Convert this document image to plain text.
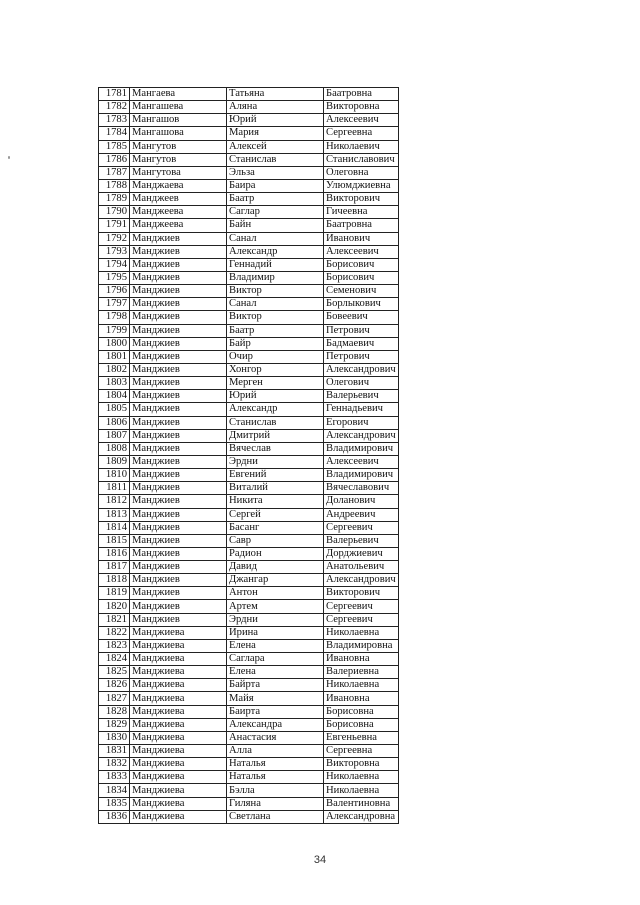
1781	Мангаева	Татьяна	Баатровна
1782	Мангашева	Аляна	Викторовна
1783	Мангашов	Юрий	Алексеевич
1784	Мангашова	Мария	Сергеевна
1785	Мангутов	Алексей	Николаевич
1786	Мангутов	Станислав	Станиславович
1787	Мангутова	Эльза	Олеговна
1788	Манджаева	Баира	Улюмджиевна
1789	Манджеев	Баатр	Викторович
1790	Манджеева	Саглар	Гичеевна
1791	Манджеева	Байн	Баатровна
1792	Манджиев	Санал	Иванович
1793	Манджиев	Александр	Алексеевич
1794	Манджиев	Геннадий	Борисович
1795	Манджиев	Владимир	Борисович
1796	Манджиев	Виктор	Семенович
1797	Манджиев	Санал	Борлыкович
1798	Манджиев	Виктор	Бовеевич
1799	Манджиев	Баатр	Петрович
1800	Манджиев	Байр	Бадмаевич
1801	Манджиев	Очир	Петрович
1802	Манджиев	Хонгор	Александрович
1803	Манджиев	Мерген	Олегович
1804	Манджиев	Юрий	Валерьевич
1805	Манджиев	Александр	Геннадьевич
1806	Манджиев	Станислав	Егорович
1807	Манджиев	Дмитрий	Александрович
1808	Манджиев	Вячеслав	Владимирович
1809	Манджиев	Эрдни	Алексеевич
1810	Манджиев	Евгений	Владимирович
1811	Манджиев	Виталий	Вячеславович
1812	Манджиев	Никита	Доланович
1813	Манджиев	Сергей	Андреевич
1814	Манджиев	Басанг	Сергеевич
1815	Манджиев	Савр	Валерьевич
1816	Манджиев	Радион	Дорджиевич
1817	Манджиев	Давид	Анатольевич
1818	Манджиев	Джангар	Александрович
1819	Манджиев	Антон	Викторович
1820	Манджиев	Артем	Сергеевич
1821	Манджиев	Эрдни	Сергеевич
1822	Манджиева	Ирина	Николаевна
1823	Манджиева	Елена	Владимировна
1824	Манджиева	Саглара	Ивановна
1825	Манджиева	Елена	Валериевна
1826	Манджиева	Байрта	Николаевна
1827	Манджиева	Майя	Ивановна
1828	Манджиева	Баирта	Борисовна
1829	Манджиева	Александра	Борисовна
1830	Манджиева	Анастасия	Евгеньевна
1831	Манджиева	Алла	Сергеевна
1832	Манджиева	Наталья	Викторовна
1833	Манджиева	Наталья	Николаевна
1834	Манджиева	Бэлла	Николаевна
1835	Манджиева	Гиляна	Валентиновна
1836	Манджиева	Светлана	Александровна
34
